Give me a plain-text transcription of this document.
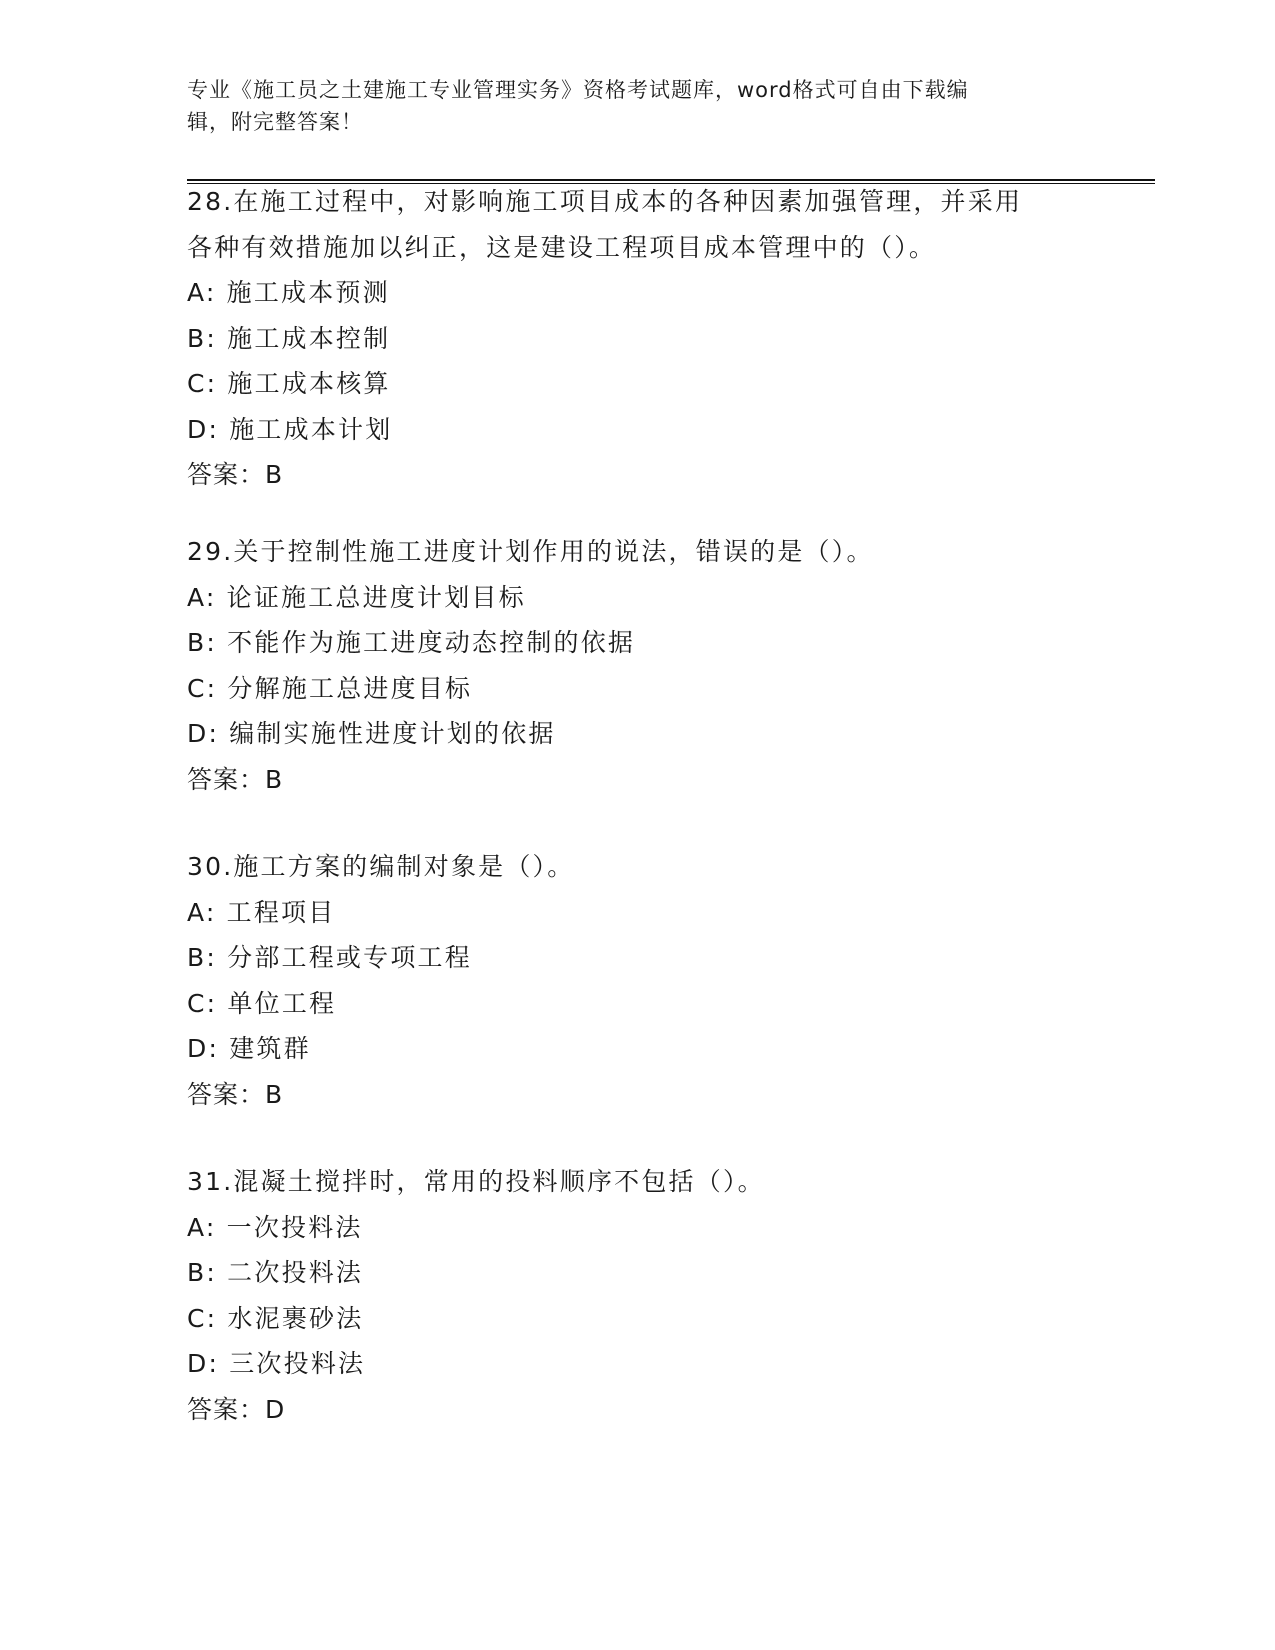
专业《施工员之土建施工专业管理实务》资格考试题库，word格式可自由下载编
辑，附完整答案！
28.在施工过程中，对影响施工项目成本的各种因素加强管理，并采用
各种有效措施加以纠正，这是建设工程项目成本管理中的（）。
A: 施工成本预测
B: 施工成本控制
C: 施工成本核算
D: 施工成本计划
答案：B
29.关于控制性施工进度计划作用的说法，错误的是（）。
A: 论证施工总进度计划目标
B: 不能作为施工进度动态控制的依据
C: 分解施工总进度目标
D: 编制实施性进度计划的依据
答案：B
30.施工方案的编制对象是（）。
A: 工程项目
B: 分部工程或专项工程
C: 单位工程
D: 建筑群
答案：B
31.混凝土搅拌时，常用的投料顺序不包括（）。
A: 一次投料法
B: 二次投料法
C: 水泥裹砂法
D: 三次投料法
答案：D
